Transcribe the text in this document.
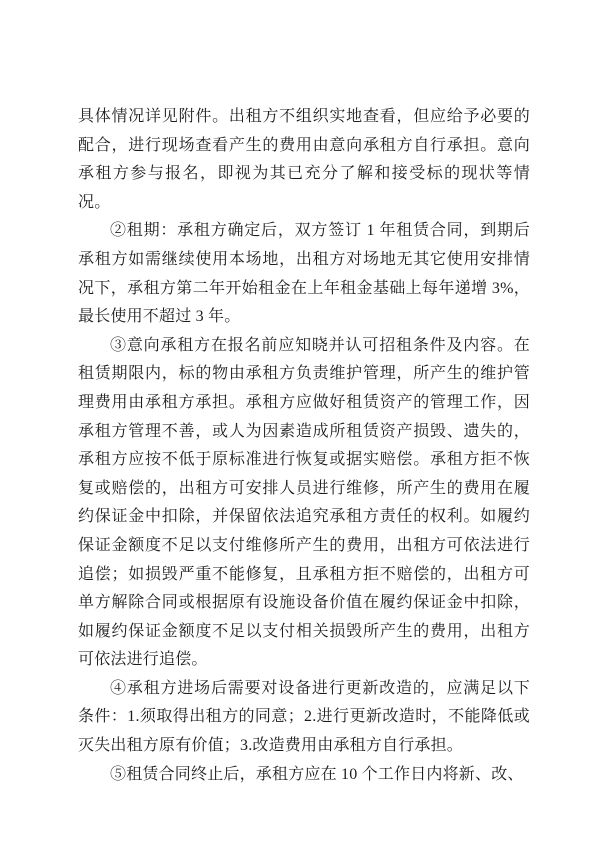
具体情况详见附件。出租方不组织实地查看，但应给予必要的配合，进行现场查看产生的费用由意向承租方自行承担。意向承租方参与报名，即视为其已充分了解和接受标的现状等情况。

②租期：承租方确定后，双方签订 1 年租赁合同，到期后承租方如需继续使用本场地，出租方对场地无其它使用安排情况下，承租方第二年开始租金在上年租金基础上每年递增 3%，最长使用不超过 3 年。

③意向承租方在报名前应知晓并认可招租条件及内容。在租赁期限内，标的物由承租方负责维护管理，所产生的维护管理费用由承租方承担。承租方应做好租赁资产的管理工作，因承租方管理不善，或人为因素造成所租赁资产损毁、遗失的，承租方应按不低于原标准进行恢复或据实赔偿。承租方拒不恢复或赔偿的，出租方可安排人员进行维修，所产生的费用在履约保证金中扣除，并保留依法追究承租方责任的权利。如履约保证金额度不足以支付维修所产生的费用，出租方可依法进行追偿；如损毁严重不能修复，且承租方拒不赔偿的，出租方可单方解除合同或根据原有设施设备价值在履约保证金中扣除，如履约保证金额度不足以支付相关损毁所产生的费用，出租方可依法进行追偿。

④承租方进场后需要对设备进行更新改造的，应满足以下条件：1.须取得出租方的同意；2.进行更新改造时，不能降低或灭失出租方原有价值；3.改造费用由承租方自行承担。

⑤租赁合同终止后，承租方应在 10 个工作日内将新、改、
